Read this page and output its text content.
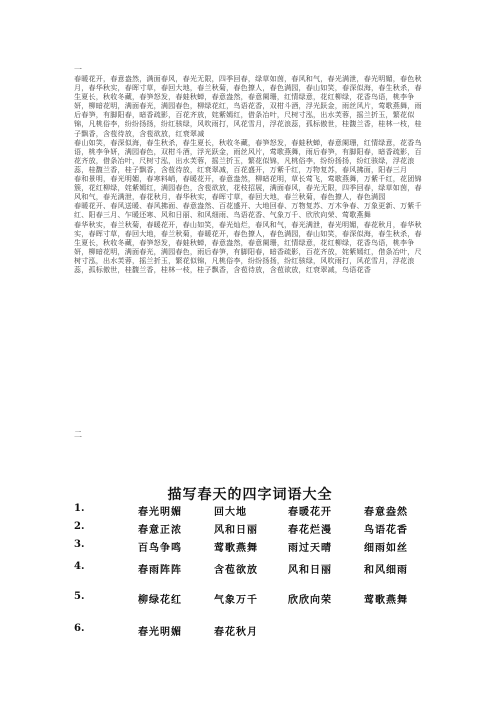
一

春暖花开，春意盎然，满面春风，春光无限，四季回春，绿草如茵，春风和气，春光满泄，春光明媚，春色秋月，春华秋实，春晖寸草，春回大地，春兰秋菊，春色撩人，春色满园，春山如笑，春深似海，春生秋杀，春生夏长，秋收冬藏，春笋怒发，春蛙秋蝉，春意盎然，春意阑珊，红情绿意，花红柳绿，花香鸟语，桃李争妍，柳暗花明，满面春光，满园春色，柳绿花红，鸟语花香，双柑斗酒，浮光跃金，雨丝风片，莺歌燕舞，雨后春笋，有脚阳春，暗香疏影，百花齐放，姹紫嫣红，借条冶叶，尺树寸泓，出水芙蓉，摇兰折玉，繁花似锦，凡桃俗李，纷纷扬扬，纷红骇绿，风吹雨打，风花雪月，浮花浪蕊，孤标傲世，桂馥兰香，桂林一枝，桂子飘香，含苞待放，含苞欲放，红衰翠减

春山如笑，春深似海，春生秋杀，春生夏长，秋收冬藏，春笋怒发，春蛙秋蝉，春意阑珊，红情绿意，花香鸟语，桃李争妍，满园春色，双柑斗酒，浮光跃金，雨丝风片，莺歌燕舞，雨后春笋，有脚阳春，暗香疏影，百花齐放，借条冶叶，尺树寸泓，出水芙蓉，摇兰折玉，繁花似锦，凡桃俗李，纷纷扬扬，纷红骇绿，浮花浪蕊，桂馥兰香，桂子飘香，含苞待放，红衰翠减，百花盛开，万紫千红，万物复苏，春风拂面，阳春三月

春和景明，春光明媚，春寒料峭，春暖花开，春意盎然，柳暗花明，草长莺飞，莺歌燕舞，万紫千红，花团锦簇，花红柳绿，姹紫嫣红，满园春色，含苞欲放，花枝招展，满面春风，春光无限，四季回春，绿草如茵，春风和气，春光满泄，春花秋月，春华秋实，春晖寸草，春回大地，春兰秋菊，春色撩人，春色满园

春暖花开、春风送暖、春风拂面、春意盎然、百花盛开、大地回春、万物复苏、万木争春、万象更新、万紫千红、阳春三月、乍暖还寒、风和日丽、和风细雨、鸟语花香、气象万千、欣欣向荣、莺歌燕舞

春华秋实，春兰秋菊，春暖花开，春山如笑，春光灿烂，春风和气，春光满泄，春光明媚，春花秋月，春华秋实，春晖寸草，春回大地，春兰秋菊，春暖花开，春色撩人，春色满园，春山如笑，春深似海，春生秋杀，春生夏长，秋收冬藏，春笋怒发，春蛙秋蝉，春意盎然，春意阑珊，红情绿意，花红柳绿，花香鸟语，桃李争妍，柳暗花明，满面春光，满园春色，雨后春笋，有脚阳春，暗香疏影，百花齐放，姹紫嫣红，借条冶叶，尺树寸泓，出水芙蓉，摇兰折玉，繁花似锦，凡桃俗李，纷纷扬扬，纷红骇绿，风吹雨打，风花雪月，浮花浪蕊，孤标傲世，桂馥兰香，桂林一枝，桂子飘香，含苞待放，含苞欲放，红衰翠减，鸟语花香

二
描写春天的四字词语大全
1.	春光明媚	回大地	春暖花开	春意盎然
2.	春意正浓	风和日丽	春花烂漫	鸟语花香
3.	百鸟争鸣	莺歌燕舞	雨过天晴	细雨如丝
4.	春雨阵阵	含苞欲放	风和日丽	和风细雨
5.	柳绿花红	气象万千	欣欣向荣	莺歌燕舞
6.	春光明媚	春花秋月
